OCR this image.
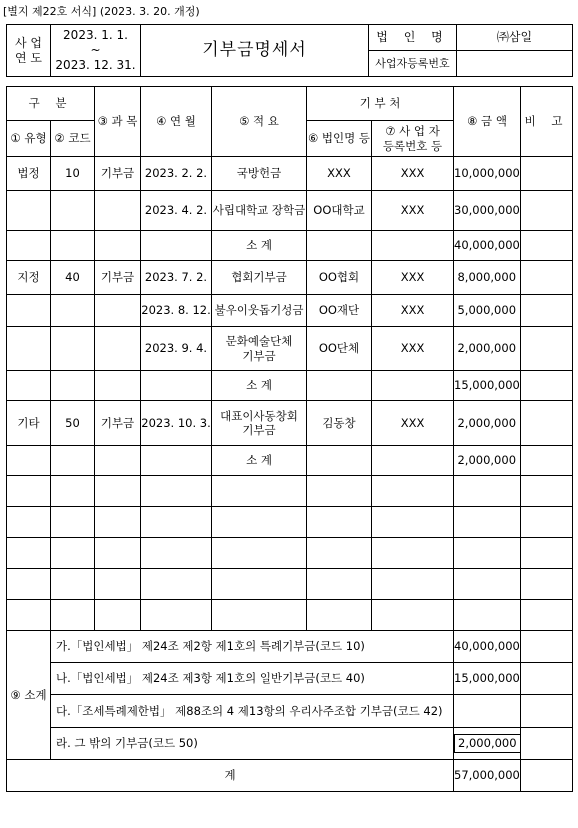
[별지 제22호 서식] (2023. 3. 20. 개정)
사 업
연 도	2023. 1. 1.
~
2023. 12. 31.	기부금명세서	법 인 명	㈜삼일
			사업자등록번호	
구 분		③ 과 목	④ 연 월	⑤ 적 요	기 부 처		⑧ 금 액	비 고
① 유형	② 코드				⑥ 법인명 등	⑦ 사 업 자
등록번호 등		

법정	10	기부금	2023. 2. 2.	국방헌금	XXX	XXX	10,000,000	
			2023. 4. 2.	사립대학교 장학금	OO대학교	XXX	30,000,000	
				소 계			40,000,000	
지정	40	기부금	2023. 7. 2.	협회기부금	OO협회	XXX	8,000,000	
			2023. 8. 12.	불우이웃돕기성금	OO재단	XXX	5,000,000	
			2023. 9. 4.	문화예술단체
기부금	OO단체	XXX	2,000,000	
				소 계			15,000,000	
기타	50	기부금	2023. 10. 3.	대표이사동창회
기부금	김동창	XXX	2,000,000	
				소 계			2,000,000	

⑨ 소계	가.「법인세법」 제24조 제2항 제1호의 특례기부금(코드 10)						40,000,000	
	나.「법인세법」 제24조 제3항 제1호의 일반기부금(코드 40)						15,000,000	
	다.「조세특례제한법」 제88조의 4 제13항의 우리사주조합 기부금(코드 42)							
	라. 그 밖의 기부금(코드 50)						2,000,000	
계							57,000,000	
